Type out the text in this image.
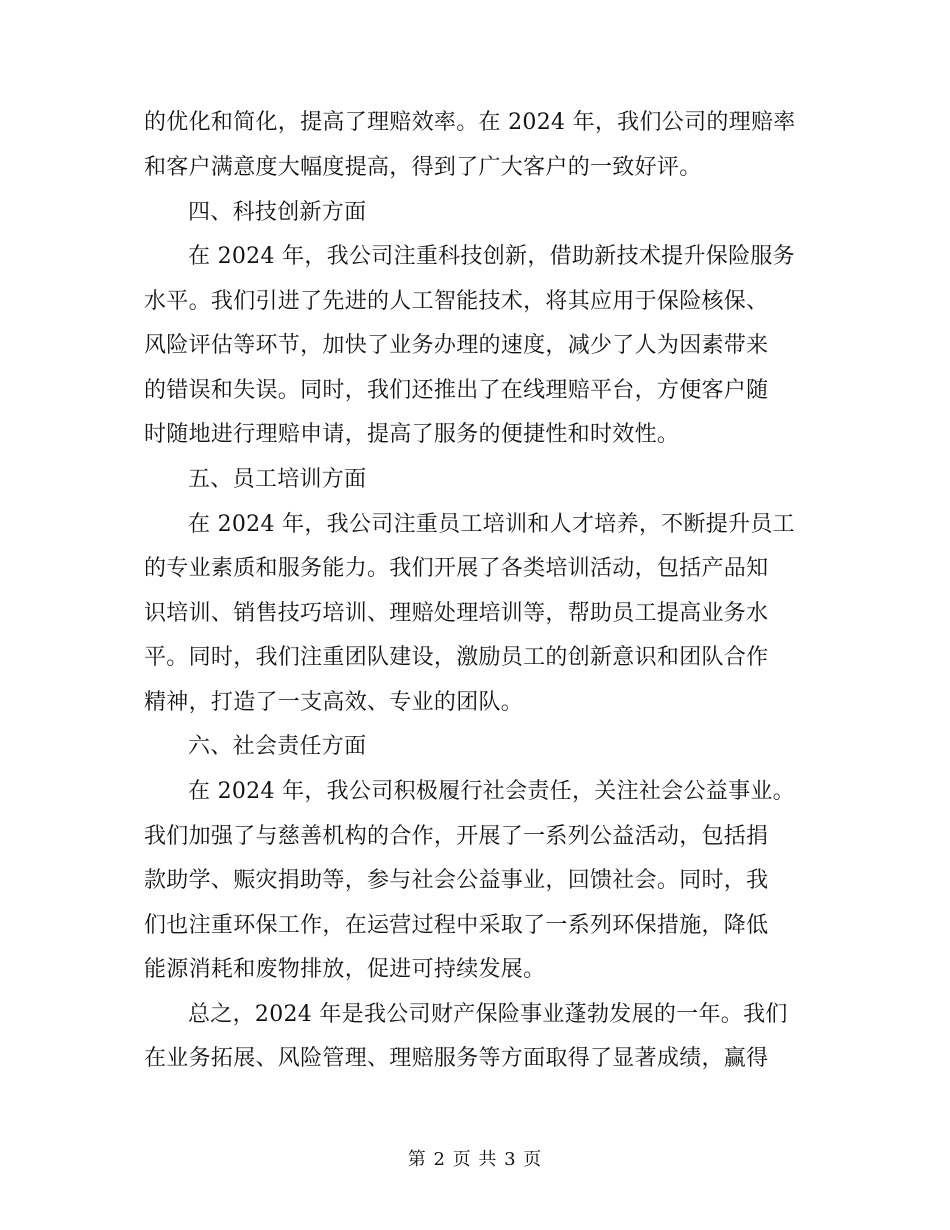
的优化和简化，提高了理赔效率。在 2024 年，我们公司的理赔率
和客户满意度大幅度提高，得到了广大客户的一致好评。
四、科技创新方面
在 2024 年，我公司注重科技创新，借助新技术提升保险服务
水平。我们引进了先进的人工智能技术，将其应用于保险核保、
风险评估等环节，加快了业务办理的速度，减少了人为因素带来
的错误和失误。同时，我们还推出了在线理赔平台，方便客户随
时随地进行理赔申请，提高了服务的便捷性和时效性。
五、员工培训方面
在 2024 年，我公司注重员工培训和人才培养，不断提升员工
的专业素质和服务能力。我们开展了各类培训活动，包括产品知
识培训、销售技巧培训、理赔处理培训等，帮助员工提高业务水
平。同时，我们注重团队建设，激励员工的创新意识和团队合作
精神，打造了一支高效、专业的团队。
六、社会责任方面
在 2024 年，我公司积极履行社会责任，关注社会公益事业。
我们加强了与慈善机构的合作，开展了一系列公益活动，包括捐
款助学、赈灾捐助等，参与社会公益事业，回馈社会。同时，我
们也注重环保工作，在运营过程中采取了一系列环保措施，降低
能源消耗和废物排放，促进可持续发展。
总之，2024 年是我公司财产保险事业蓬勃发展的一年。我们
在业务拓展、风险管理、理赔服务等方面取得了显著成绩，赢得
第 2 页 共 3 页
